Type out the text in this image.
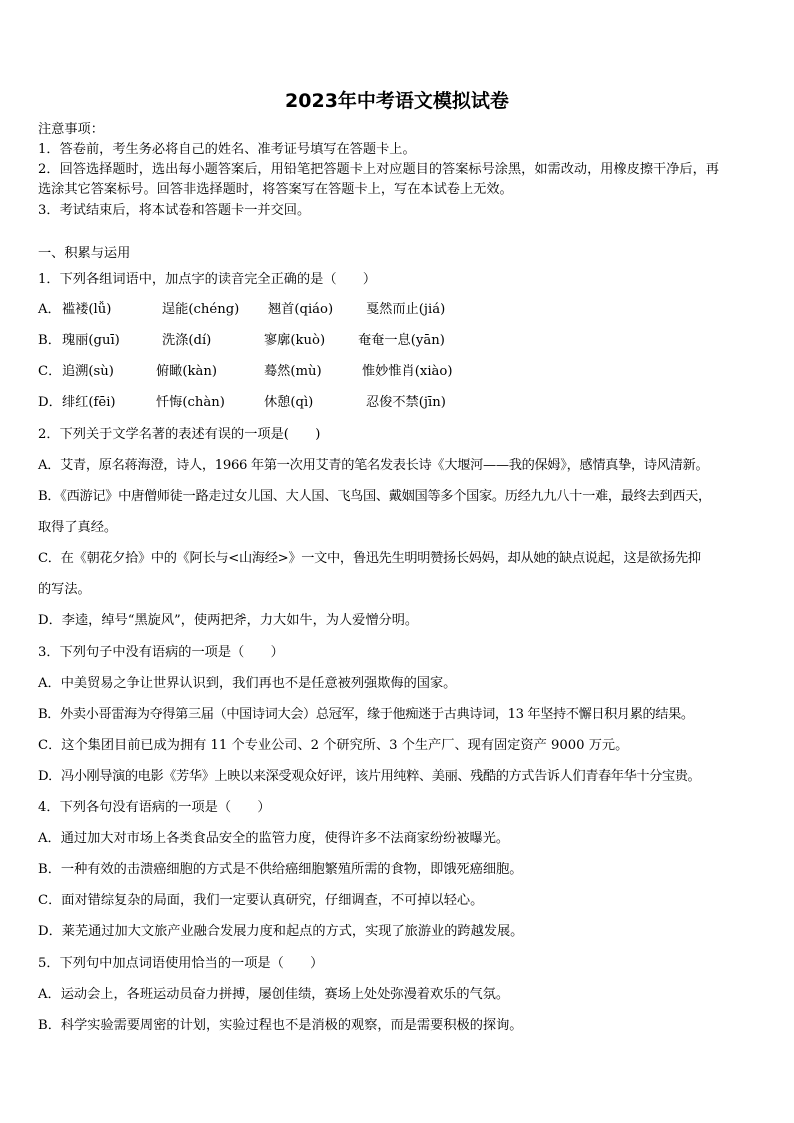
2023年中考语文模拟试卷
注意事项：
1．答卷前，考生务必将自己的姓名、准考证号填写在答题卡上。
2．回答选择题时，选出每小题答案后，用铅笔把答题卡上对应题目的答案标号涂黑，如需改动，用橡皮擦干净后，再
选涂其它答案标号。回答非选择题时，将答案写在答题卡上，写在本试卷上无效。
3．考试结束后，将本试卷和答题卡一并交回。
一、积累与运用
1．下列各组词语中，加点字的读音完全正确的是（　　）
A． 褴褛(lǚ)	逞能(chéng) 翘首(qiáo) 戛然而止(jiá)
B． 瑰丽(guī)	洗涤(dí)	寥廓(kuò) 奄奄一息(yān)
C． 追溯(sù)	俯瞰(kàn)	蓦然(mù)	惟妙惟肖(xiào)
D． 绯红(fēi)	忏悔(chàn)	休憩(qì)	忍俊不禁(jīn)
2．下列关于文学名著的表述有误的一项是(　　)
A．艾青，原名蒋海澄，诗人，1966 年第一次用艾青的笔名发表长诗《大堰河——我的保姆》，感情真挚，诗风清新。
B．《西游记》中唐僧师徒一路走过女儿国、大人国、飞鸟国、戴姻国等多个国家。历经九九八十一难，最终去到西天，
取得了真经。
C．在《朝花夕拾》中的《阿长与<山海经>》一文中，鲁迅先生明明赞扬长妈妈，却从她的缺点说起，这是欲扬先抑
的写法。
D．李逵，绰号“黑旋风”，使两把斧，力大如牛，为人爱憎分明。
3．下列句子中没有语病的一项是（　　）
A．中美贸易之争让世界认识到，我们再也不是任意被列强欺侮的国家。
B．外卖小哥雷海为夺得第三届（中国诗词大会）总冠军，缘于他痴迷于古典诗词，13 年坚持不懈日积月累的结果。
C．这个集团目前已成为拥有 11 个专业公司、2 个研究所、3 个生产厂、现有固定资产 9000 万元。
D．冯小刚导演的电影《芳华》上映以来深受观众好评，该片用纯粹、美丽、残酷的方式告诉人们青春年华十分宝贵。
4．下列各句没有语病的一项是（　　）
A．通过加大对市场上各类食品安全的监管力度，使得许多不法商家纷纷被曝光。
B．一种有效的击溃癌细胞的方式是不供给癌细胞繁殖所需的食物，即饿死癌细胞。
C．面对错综复杂的局面，我们一定要认真研究，仔细调查，不可掉以轻心。
D．莱芜通过加大文旅产业融合发展力度和起点的方式，实现了旅游业的跨越发展。
5．下列句中加点词语使用恰当的一项是（　　）
A．运动会上，各班运动员奋力拼搏，屡创佳绩，赛场上处处弥漫着欢乐的气氛。
B．科学实验需要周密的计划，实验过程也不是消极的观察，而是需要积极的探询。
